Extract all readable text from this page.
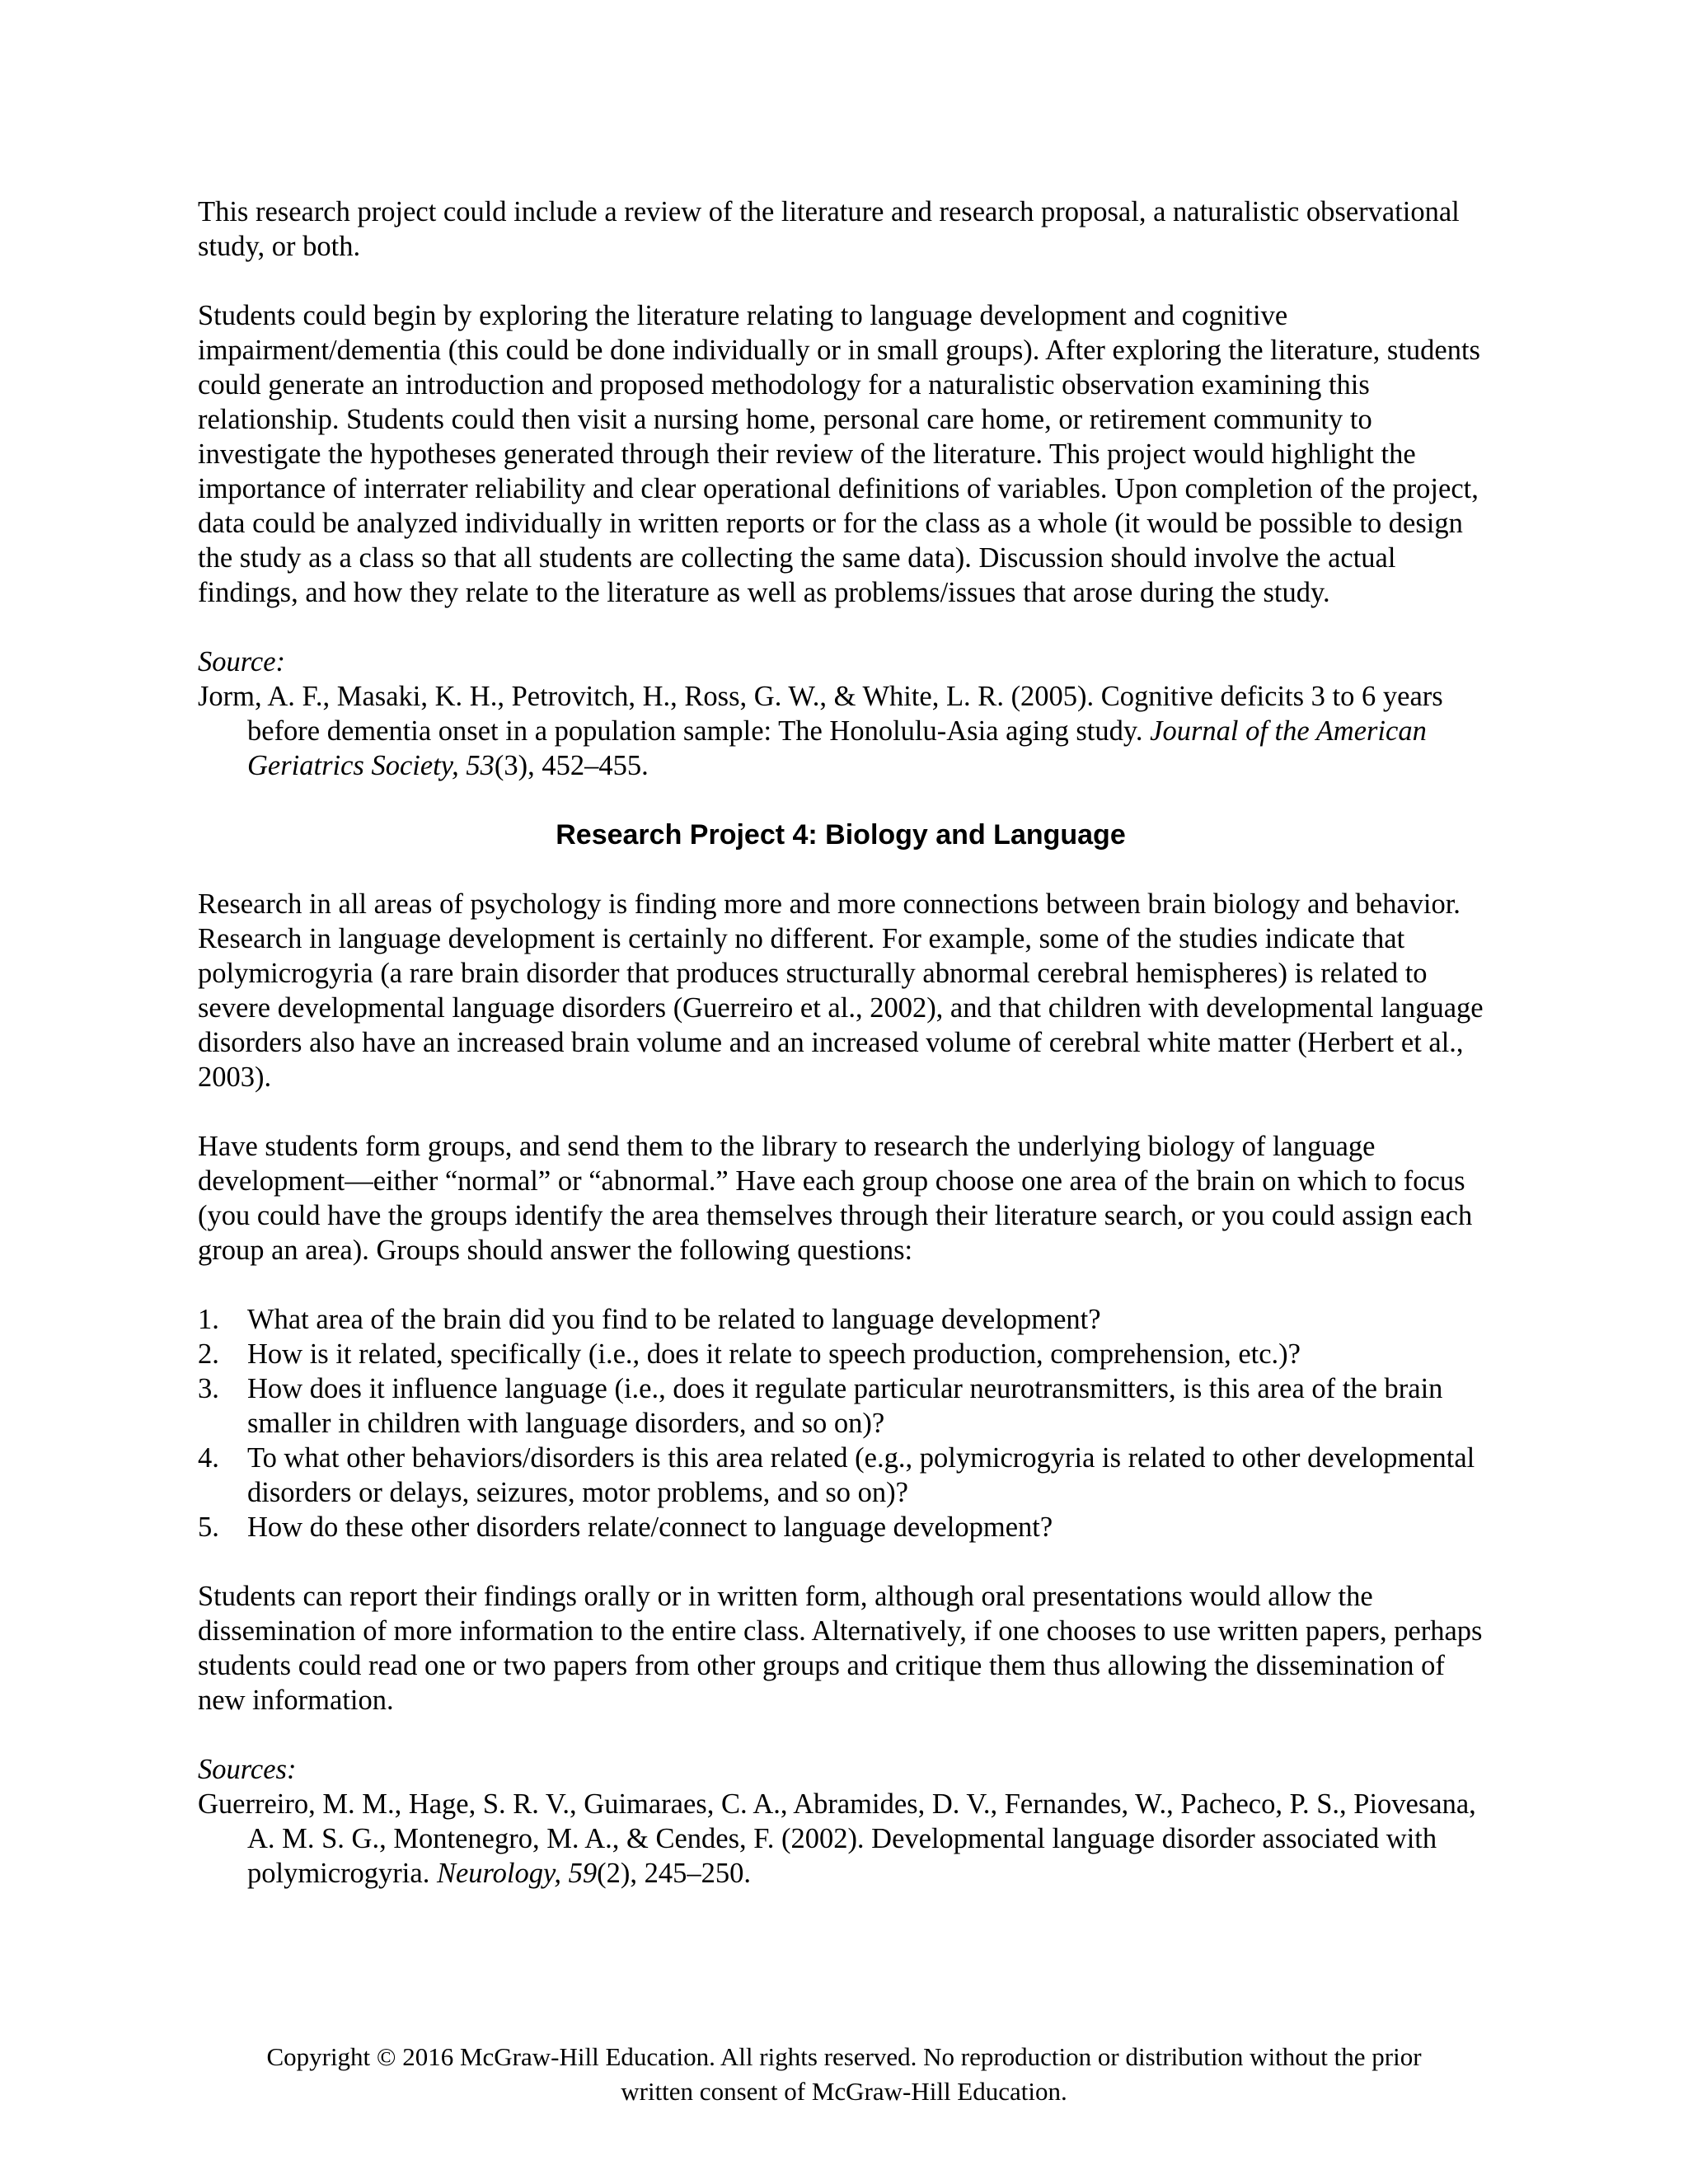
This research project could include a review of the literature and research proposal, a naturalistic observational study, or both.

Students could begin by exploring the literature relating to language development and cognitive impairment/dementia (this could be done individually or in small groups). After exploring the literature, students could generate an introduction and proposed methodology for a naturalistic observation examining this relationship. Students could then visit a nursing home, personal care home, or retirement community to investigate the hypotheses generated through their review of the literature. This project would highlight the importance of interrater reliability and clear operational definitions of variables. Upon completion of the project, data could be analyzed individually in written reports or for the class as a whole (it would be possible to design the study as a class so that all students are collecting the same data). Discussion should involve the actual findings, and how they relate to the literature as well as problems/issues that arose during the study.

Source:

Jorm, A. F., Masaki, K. H., Petrovitch, H., Ross, G. W., & White, L. R. (2005). Cognitive deficits 3 to 6 years before dementia onset in a population sample: The Honolulu-Asia aging study. Journal of the American Geriatrics Society, 53(3), 452–455.

Research Project 4: Biology and Language

Research in all areas of psychology is finding more and more connections between brain biology and behavior. Research in language development is certainly no different. For example, some of the studies indicate that polymicrogyria (a rare brain disorder that produces structurally abnormal cerebral hemispheres) is related to severe developmental language disorders (Guerreiro et al., 2002), and that children with developmental language disorders also have an increased brain volume and an increased volume of cerebral white matter (Herbert et al., 2003).

Have students form groups, and send them to the library to research the underlying biology of language development—either “normal” or “abnormal.” Have each group choose one area of the brain on which to focus (you could have the groups identify the area themselves through their literature search, or you could assign each group an area). Groups should answer the following questions:

1. What area of the brain did you find to be related to language development?
2. How is it related, specifically (i.e., does it relate to speech production, comprehension, etc.)?
3. How does it influence language (i.e., does it regulate particular neurotransmitters, is this area of the brain smaller in children with language disorders, and so on)?
4. To what other behaviors/disorders is this area related (e.g., polymicrogyria is related to other developmental disorders or delays, seizures, motor problems, and so on)?
5. How do these other disorders relate/connect to language development?

Students can report their findings orally or in written form, although oral presentations would allow the dissemination of more information to the entire class. Alternatively, if one chooses to use written papers, perhaps students could read one or two papers from other groups and critique them thus allowing the dissemination of new information.

Sources:

Guerreiro, M. M., Hage, S. R. V., Guimaraes, C. A., Abramides, D. V., Fernandes, W., Pacheco, P. S., Piovesana, A. M. S. G., Montenegro, M. A., & Cendes, F. (2002). Developmental language disorder associated with polymicrogyria. Neurology, 59(2), 245–250.

Copyright © 2016 McGraw-Hill Education. All rights reserved. No reproduction or distribution without the prior
written consent of McGraw-Hill Education.
